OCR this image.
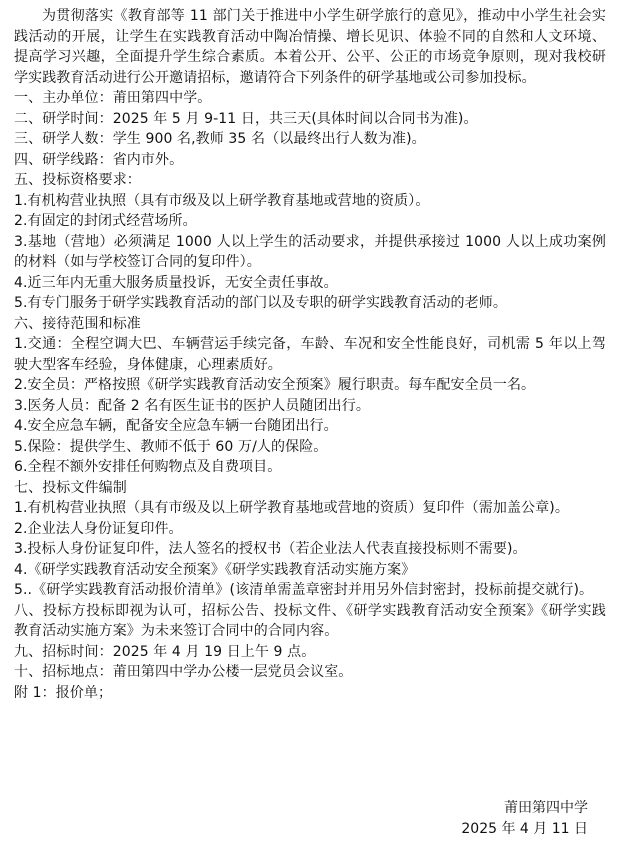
为贯彻落实《教育部等 11 部门关于推进中小学生研学旅行的意见》，推动中小学生社会实践活动的开展，让学生在实践教育活动中陶冶情操、增长见识、体验不同的自然和人文环境、提高学习兴趣，全面提升学生综合素质。本着公开、公平、公正的市场竞争原则，现对我校研学实践教育活动进行公开邀请招标，邀请符合下列条件的研学基地或公司参加投标。

一、主办单位：莆田第四中学。

二、研学时间：2025 年 5 月 9-11 日，共三天(具体时间以合同书为准)。

三、研学人数：学生 900 名,教师 35 名（以最终出行人数为准)。

四、研学线路：省内市外。

五、投标资格要求：

1.有机构营业执照（具有市级及以上研学教育基地或营地的资质）。

2.有固定的封闭式经营场所。

3.基地（营地）必须满足 1000 人以上学生的活动要求，并提供承接过 1000 人以上成功案例的材料（如与学校签订合同的复印件）。

4.近三年内无重大服务质量投诉，无安全责任事故。

5.有专门服务于研学实践教育活动的部门以及专职的研学实践教育活动的老师。

六、接待范围和标准

1.交通：全程空调大巴、车辆营运手续完备，车龄、车况和安全性能良好，司机需 5 年以上驾驶大型客车经验，身体健康，心理素质好。

2.安全员：严格按照《研学实践教育活动安全预案》履行职责。每车配安全员一名。

3.医务人员：配备 2 名有医生证书的医护人员随团出行。

4.安全应急车辆，配备安全应急车辆一台随团出行。

5.保险：提供学生、教师不低于 60 万/人的保险。

6.全程不额外安排任何购物点及自费项目。

七、投标文件编制

1.有机构营业执照（具有市级及以上研学教育基地或营地的资质）复印件（需加盖公章)。

2.企业法人身份证复印件。

3.投标人身份证复印件，法人签名的授权书（若企业法人代表直接投标则不需要)。

4.《研学实践教育活动安全预案》《研学实践教育活动实施方案》

5..《研学实践教育活动报价清单》(该清单需盖章密封并用另外信封密封，投标前提交就行)。

八、投标方投标即视为认可，招标公告、投标文件、《研学实践教育活动安全预案》《研学实践教育活动实施方案》为未来签订合同中的合同内容。

九、招标时间：2025 年 4 月 19 日上午 9 点。

十、招标地点：莆田第四中学办公楼一层党员会议室。

附 1：报价单；

莆田第四中学
2025 年 4 月 11 日
